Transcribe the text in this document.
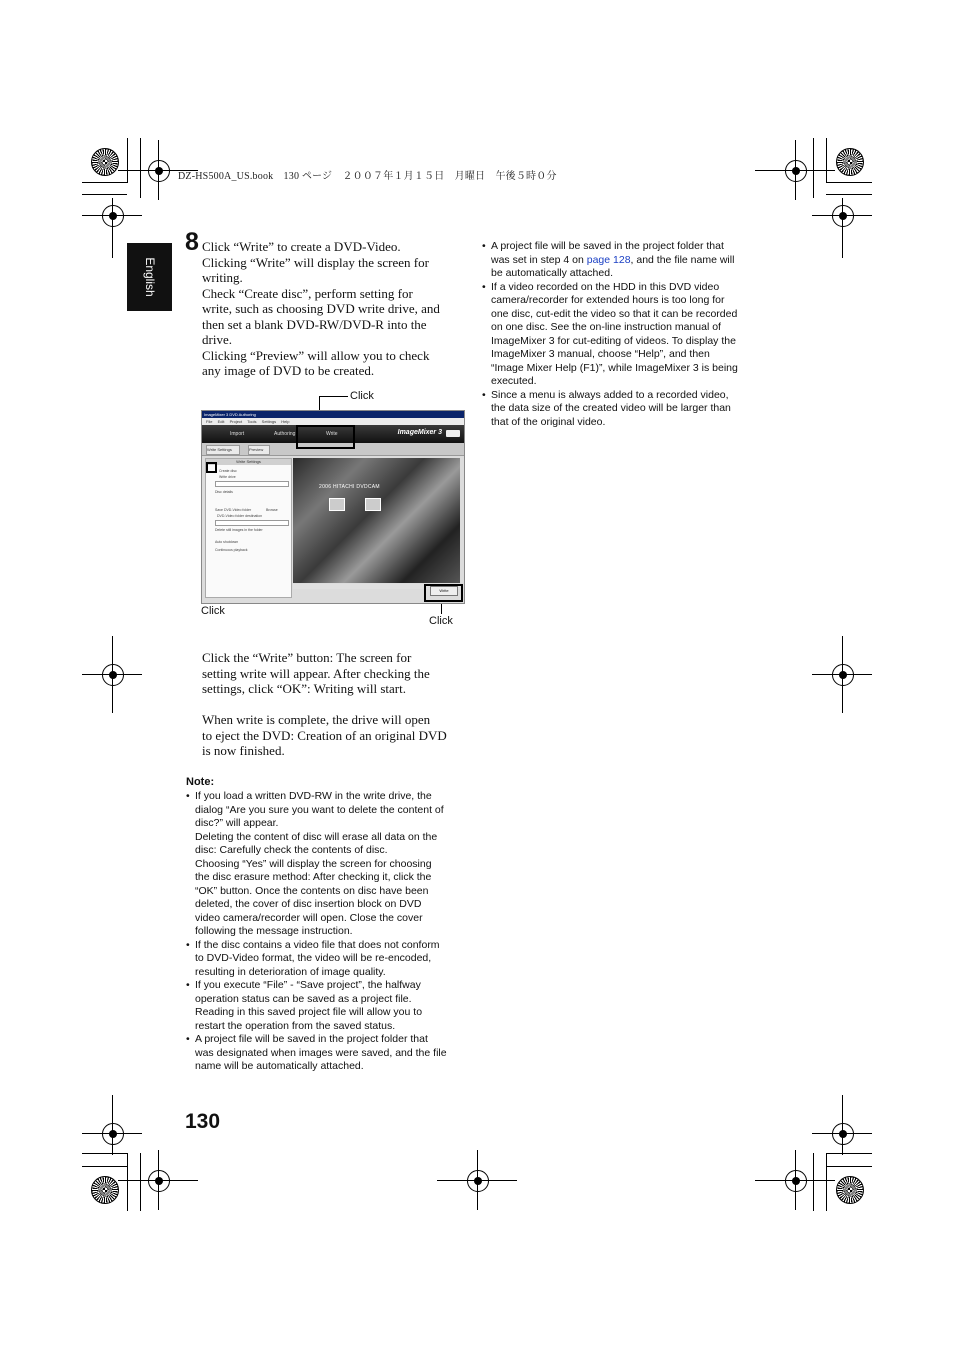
DZ-HS500A_US.book　130 ページ　２００７年１月１５日　月曜日　午後５時０分
English
8 Click “Write” to create a DVD-Video.
Clicking “Write” will display the screen for
writing.
Check “Create disc”, perform setting for
write, such as choosing DVD write drive, and
then set a blank DVD-RW/DVD-R into the
drive.
Clicking “Preview” will allow you to check
any image of DVD to be created.
Click
Click
Click
ImageMixer 3 DVD Authoring
File Edit Project Tools Settings Help
Import	Authoring	Write	ImageMixer 3
Write Settings	Preview
Write Settings
Create disc
Write drive
Disc details
Save DVD-Video folder	Browse
DVD-Video folder destination
Delete still images in the folder
Auto shutdown
Continuous playback
2006 HITACHI DVDCAM
Write
Click the “Write” button: The screen for
setting write will appear. After checking the
settings, click “OK”: Writing will start.
When write is complete, the drive will open
to eject the DVD: Creation of an original DVD
is now finished.
Note:
• If you load a written DVD-RW in the write drive, the
dialog “Are you sure you want to delete the content of
disc?” will appear.
Deleting the content of disc will erase all data on the
disc: Carefully check the contents of disc.
Choosing “Yes” will display the screen for choosing
the disc erasure method: After checking it, click the
“OK” button. Once the contents on disc have been
deleted, the cover of disc insertion block on DVD
video camera/recorder will open. Close the cover
following the message instruction.
• If the disc contains a video file that does not conform
to DVD-Video format, the video will be re-encoded,
resulting in deterioration of image quality.
• If you execute “File” - “Save project”, the halfway
operation status can be saved as a project file.
Reading in this saved project file will allow you to
restart the operation from the saved status.
• A project file will be saved in the project folder that
was designated when images were saved, and the file
name will be automatically attached.
• A project file will be saved in the project folder that
was set in step 4 on page 128, and the file name will
be automatically attached.
• If a video recorded on the HDD in this DVD video
camera/recorder for extended hours is too long for
one disc, cut-edit the video so that it can be recorded
on one disc. See the on-line instruction manual of
ImageMixer 3 for cut-editing of videos. To display the
ImageMixer 3 manual, choose “Help”, and then
“Image Mixer Help (F1)”, while ImageMixer 3 is being
executed.
• Since a menu is always added to a recorded video,
the data size of the created video will be larger than
that of the original video.
130
